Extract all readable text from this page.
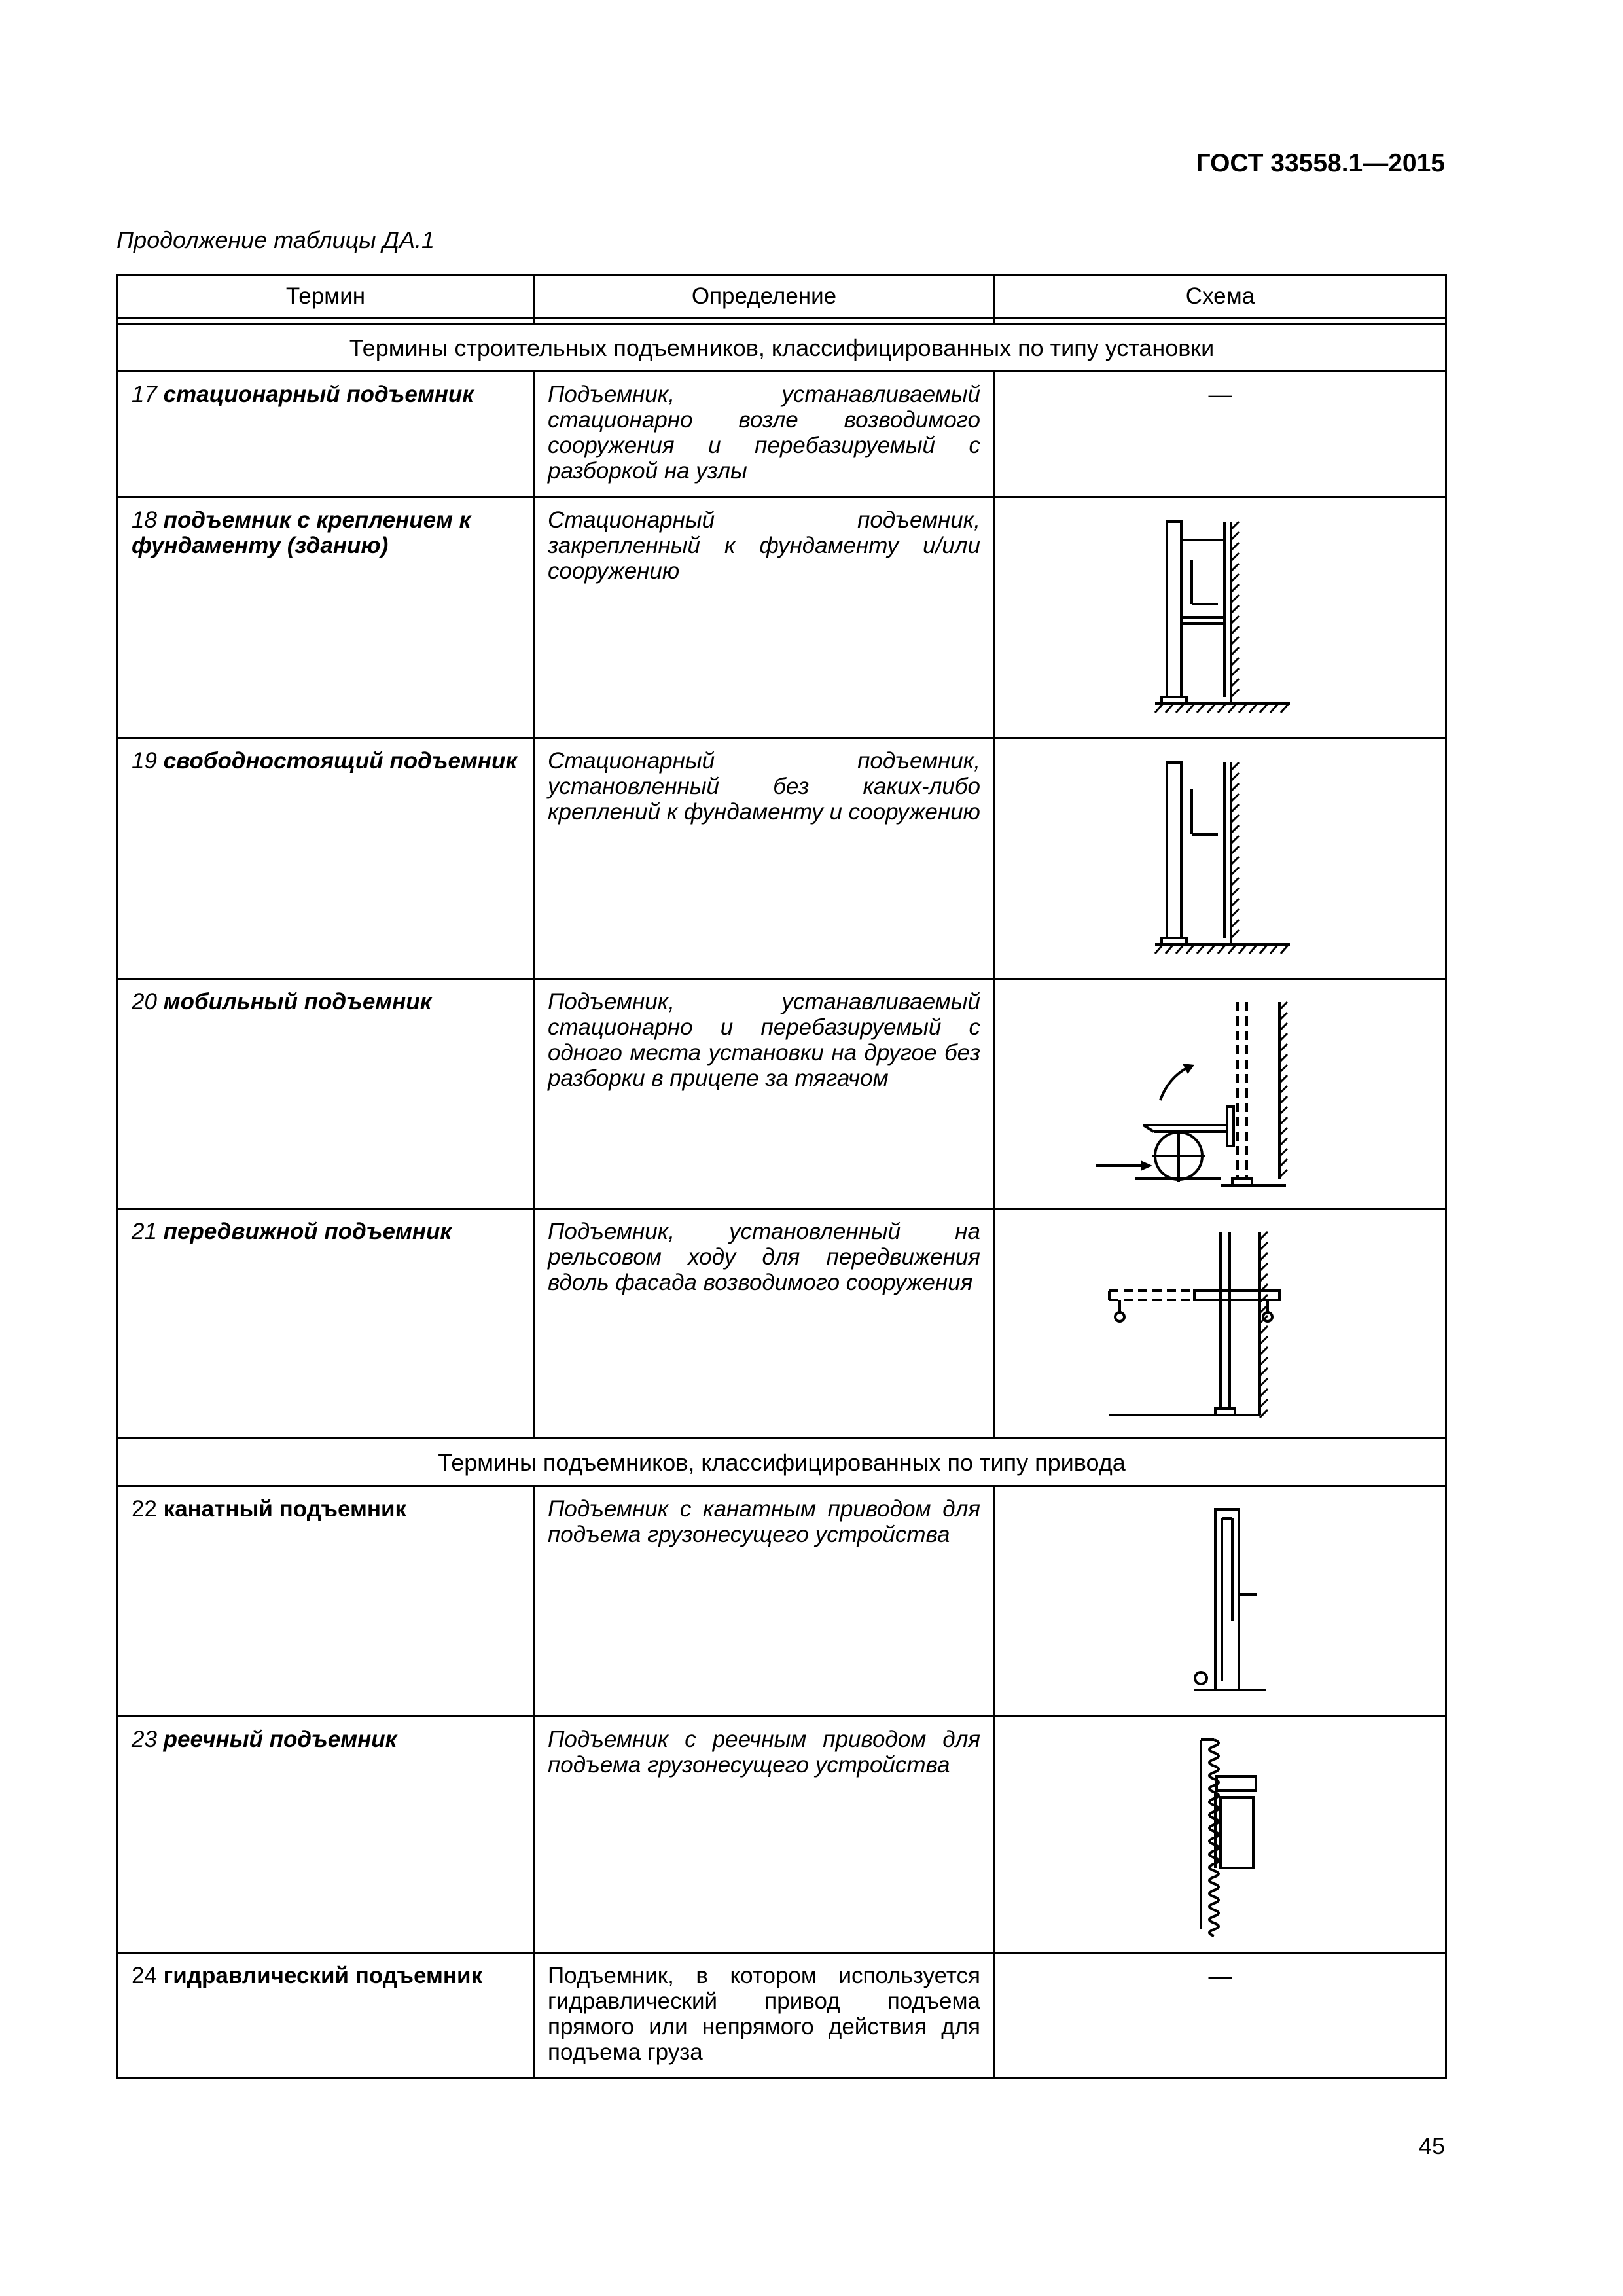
ГОСТ 33558.1—2015
Продолжение таблицы ДА.1
Термин	Определение	Схема

Термины строительных подъемников, классифицированных по типу установки		
17 стационарный подъемник	Подъемник, устанавливаемый стационарно возле возводимого сооружения и перебазируемый с разборкой на узлы	—
18 подъемник с креплением к фундаменту (зданию)	Стационарный подъемник, закрепленный к фундаменту и/или сооружению	

19 свободностоящий подъемник	Стационарный подъемник, установленный без каких-либо креплений к фундаменту и сооружению	

20 мобильный подъемник	Подъемник, устанавливаемый стационарно и перебазируемый с одного места установки на другое без разборки в прицепе за тягачом	

21 передвижной подъемник	Подъемник, установленный на рельсовом ходу для передвижения вдоль фасада возводимого сооружения	

Термины подъемников, классифицированных по типу привода		
22 канатный подъемник	Подъемник с канатным приводом для подъема грузонесущего устройства	

23 реечный подъемник	Подъемник с реечным приводом для подъема грузонесущего устройства	

24 гидравлический подъемник	Подъемник, в котором используется гидравлический привод подъема прямого или непрямого действия для подъема груза	—
45
